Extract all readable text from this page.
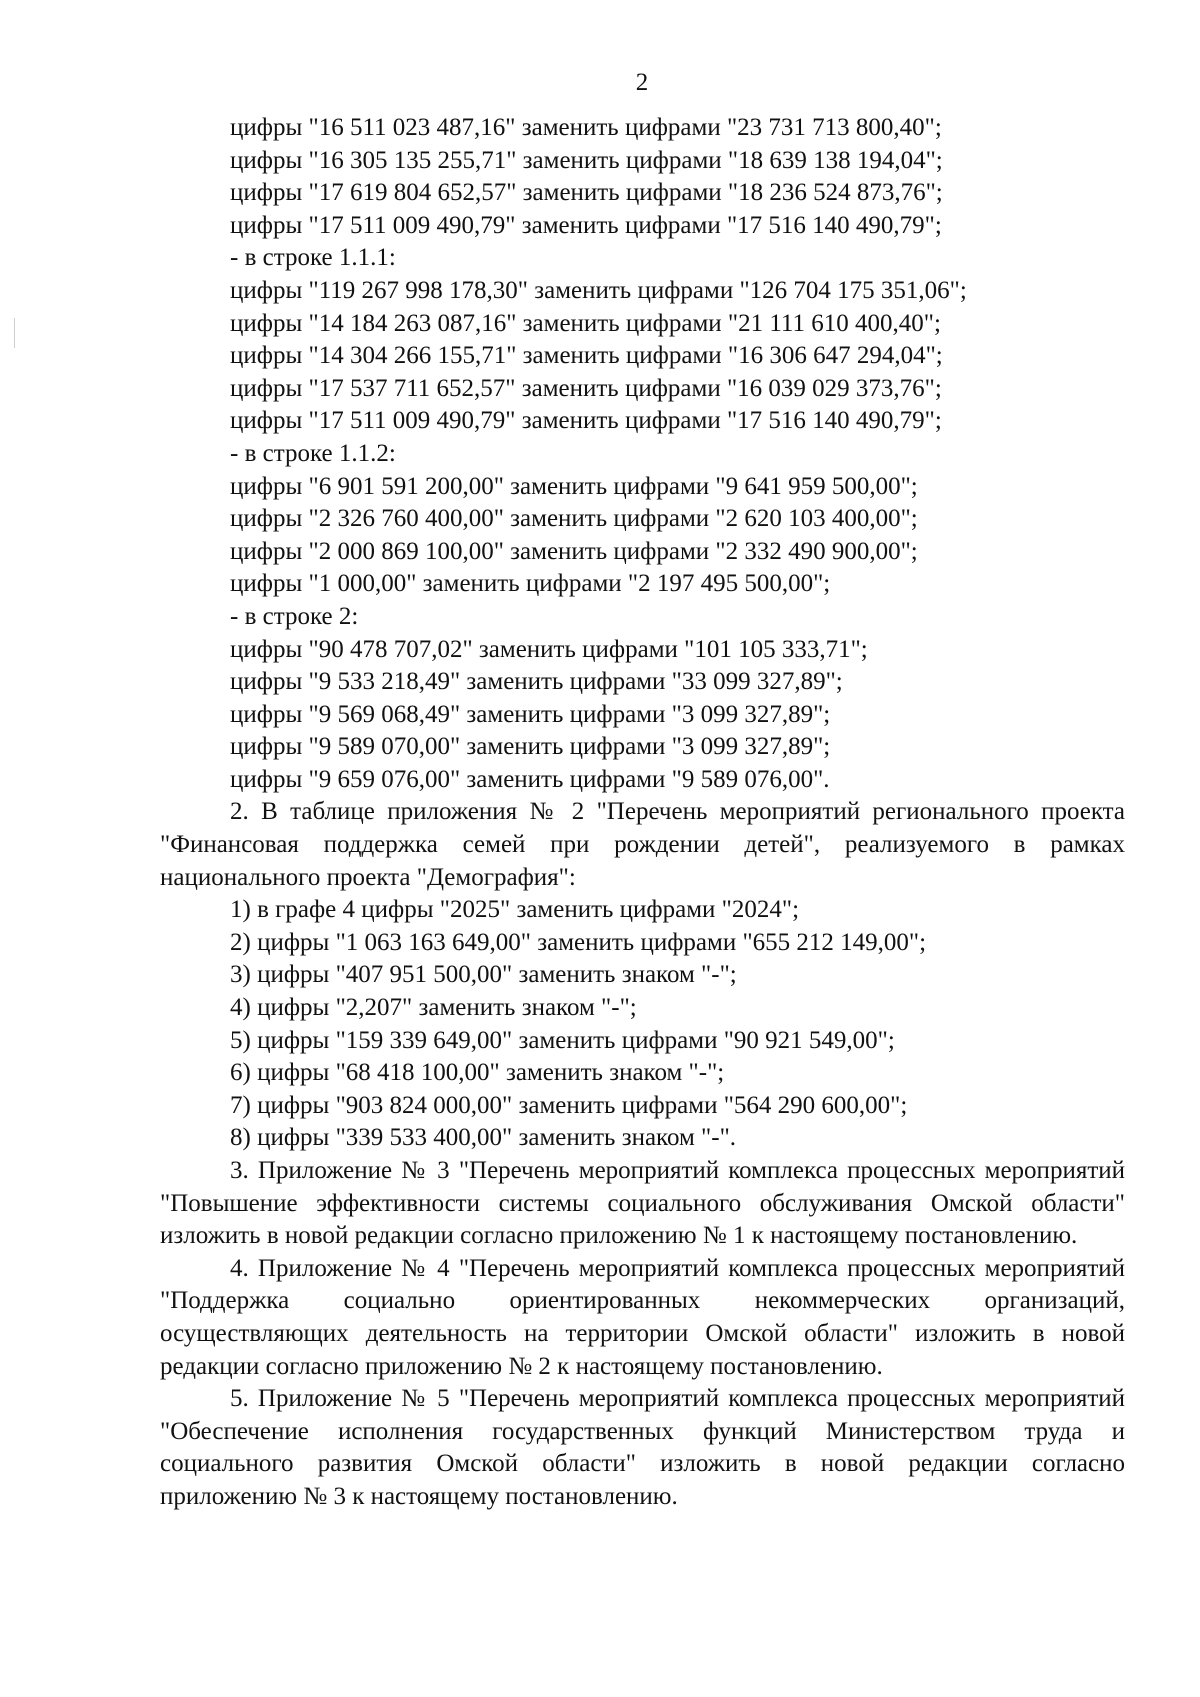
2
цифры "16 511 023 487,16" заменить цифрами "23 731 713 800,40";
цифры "16 305 135 255,71" заменить цифрами "18 639 138 194,04";
цифры "17 619 804 652,57" заменить цифрами "18 236 524 873,76";
цифры "17 511 009 490,79" заменить цифрами "17 516 140 490,79";
- в строке 1.1.1:
цифры "119 267 998 178,30" заменить цифрами "126 704 175 351,06";
цифры "14 184 263 087,16" заменить цифрами "21 111 610 400,40";
цифры "14 304 266 155,71" заменить цифрами "16 306 647 294,04";
цифры "17 537 711 652,57" заменить цифрами "16 039 029 373,76";
цифры "17 511 009 490,79" заменить цифрами "17 516 140 490,79";
- в строке 1.1.2:
цифры "6 901 591 200,00" заменить цифрами "9 641 959 500,00";
цифры "2 326 760 400,00" заменить цифрами "2 620 103 400,00";
цифры "2 000 869 100,00" заменить цифрами "2 332 490 900,00";
цифры "1 000,00" заменить цифрами "2 197 495 500,00";
- в строке 2:
цифры "90 478 707,02" заменить цифрами "101 105 333,71";
цифры "9 533 218,49" заменить цифрами "33 099 327,89";
цифры "9 569 068,49" заменить цифрами "3 099 327,89";
цифры "9 589 070,00" заменить цифрами "3 099 327,89";
цифры "9 659 076,00" заменить цифрами "9 589 076,00".

2. В таблице приложения № 2 "Перечень мероприятий регионального проекта "Финансовая поддержка семей при рождении детей", реализуемого в рамках национального проекта "Демография":

1) в графе 4 цифры "2025" заменить цифрами "2024";
2) цифры "1 063 163 649,00" заменить цифрами "655 212 149,00";
3) цифры "407 951 500,00" заменить знаком "-";
4) цифры "2,207" заменить знаком "-";
5) цифры "159 339 649,00" заменить цифрами "90 921 549,00";
6) цифры "68 418 100,00" заменить знаком "-";
7) цифры "903 824 000,00" заменить цифрами "564 290 600,00";
8) цифры "339 533 400,00" заменить знаком "-".

3. Приложение № 3 "Перечень мероприятий комплекса процессных мероприятий "Повышение эффективности системы социального обслуживания Омской области" изложить в новой редакции согласно приложению № 1 к настоящему постановлению.

4. Приложение № 4 "Перечень мероприятий комплекса процессных мероприятий "Поддержка социально ориентированных некоммерческих организаций, осуществляющих деятельность на территории Омской области" изложить в новой редакции согласно приложению № 2 к настоящему постановлению.

5. Приложение № 5 "Перечень мероприятий комплекса процессных мероприятий "Обеспечение исполнения государственных функций Министерством труда и социального развития Омской области" изложить в новой редакции согласно приложению № 3 к настоящему постановлению.
